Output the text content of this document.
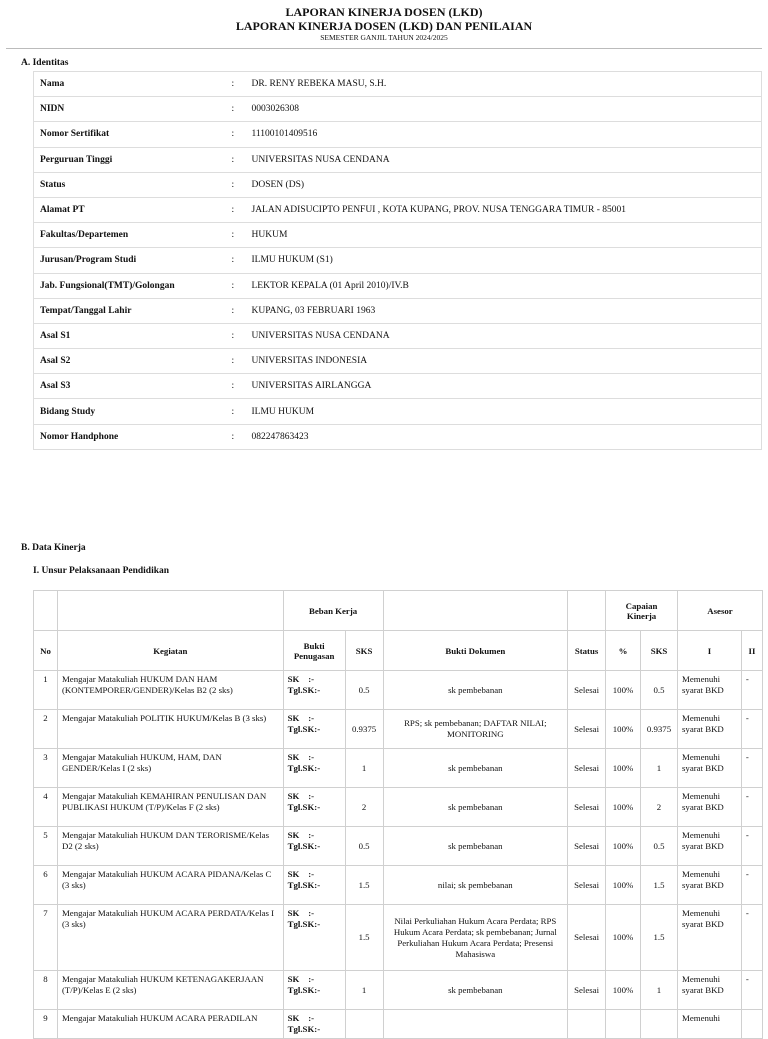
LAPORAN KINERJA DOSEN (LKD)
LAPORAN KINERJA DOSEN (LKD) DAN PENILAIAN
SEMESTER GANJIL TAHUN 2024/2025
A. Identitas
Nama	:	DR. RENY REBEKA MASU, S.H.
NIDN	:	0003026308
Nomor Sertifikat	:	11100101409516
Perguruan Tinggi	:	UNIVERSITAS NUSA CENDANA
Status	:	DOSEN (DS)
Alamat PT	:	JALAN ADISUCIPTO PENFUI , KOTA KUPANG, PROV. NUSA TENGGARA TIMUR - 85001
Fakultas/Departemen	:	HUKUM
Jurusan/Program Studi	:	ILMU HUKUM (S1)
Jab. Fungsional(TMT)/Golongan	:	LEKTOR KEPALA (01 April 2010)/IV.B
Tempat/Tanggal Lahir	:	KUPANG, 03 FEBRUARI 1963
Asal S1	:	UNIVERSITAS NUSA CENDANA
Asal S2	:	UNIVERSITAS INDONESIA
Asal S3	:	UNIVERSITAS AIRLANGGA
Bidang Study	:	ILMU HUKUM
Nomor Handphone	:	082247863423
B. Data Kinerja
I. Unsur Pelaksanaan Pendidikan
		Beban Kerja				Capaian Kinerja		Asesor	

No	Kegiatan	Bukti Penugasan	SKS	Bukti Dokumen	Status	%	SKS	I	II
1	Mengajar Matakuliah HUKUM DAN HAM (KONTEMPORER/GENDER)/Kelas B2 (2 sks)	SK :-
Tgl.SK:-	0.5	sk pembebanan	Selesai	100%	0.5	Memenuhi syarat BKD	-
2	Mengajar Matakuliah POLITIK HUKUM/Kelas B (3 sks)	SK :-
Tgl.SK:-	0.9375	RPS; sk pembebanan; DAFTAR NILAI; MONITORING	Selesai	100%	0.9375	Memenuhi syarat BKD	-
3	Mengajar Matakuliah HUKUM, HAM, DAN GENDER/Kelas I (2 sks)	SK :-
Tgl.SK:-	1	sk pembebanan	Selesai	100%	1	Memenuhi syarat BKD	-
4	Mengajar Matakuliah KEMAHIRAN PENULISAN DAN PUBLIKASI HUKUM (T/P)/Kelas F (2 sks)	SK :-
Tgl.SK:-	2	sk pembebanan	Selesai	100%	2	Memenuhi syarat BKD	-
5	Mengajar Matakuliah HUKUM DAN TERORISME/Kelas D2 (2 sks)	SK :-
Tgl.SK:-	0.5	sk pembebanan	Selesai	100%	0.5	Memenuhi syarat BKD	-
6	Mengajar Matakuliah HUKUM ACARA PIDANA/Kelas C (3 sks)	SK :-
Tgl.SK:-	1.5	nilai; sk pembebanan	Selesai	100%	1.5	Memenuhi syarat BKD	-
7	Mengajar Matakuliah HUKUM ACARA PERDATA/Kelas I (3 sks)	SK :-
Tgl.SK:-	1.5	Nilai Perkuliahan Hukum Acara Perdata; RPS Hukum Acara Perdata; sk pembebanan; Jurnal Perkuliahan Hukum Acara Perdata; Presensi Mahasiswa	Selesai	100%	1.5	Memenuhi syarat BKD	-
8	Mengajar Matakuliah HUKUM KETENAGAKERJAAN (T/P)/Kelas E (2 sks)	SK :-
Tgl.SK:-	1	sk pembebanan	Selesai	100%	1	Memenuhi syarat BKD	-
9	Mengajar Matakuliah HUKUM ACARA PERADILAN	SK :-
Tgl.SK:-						Memenuhi	
